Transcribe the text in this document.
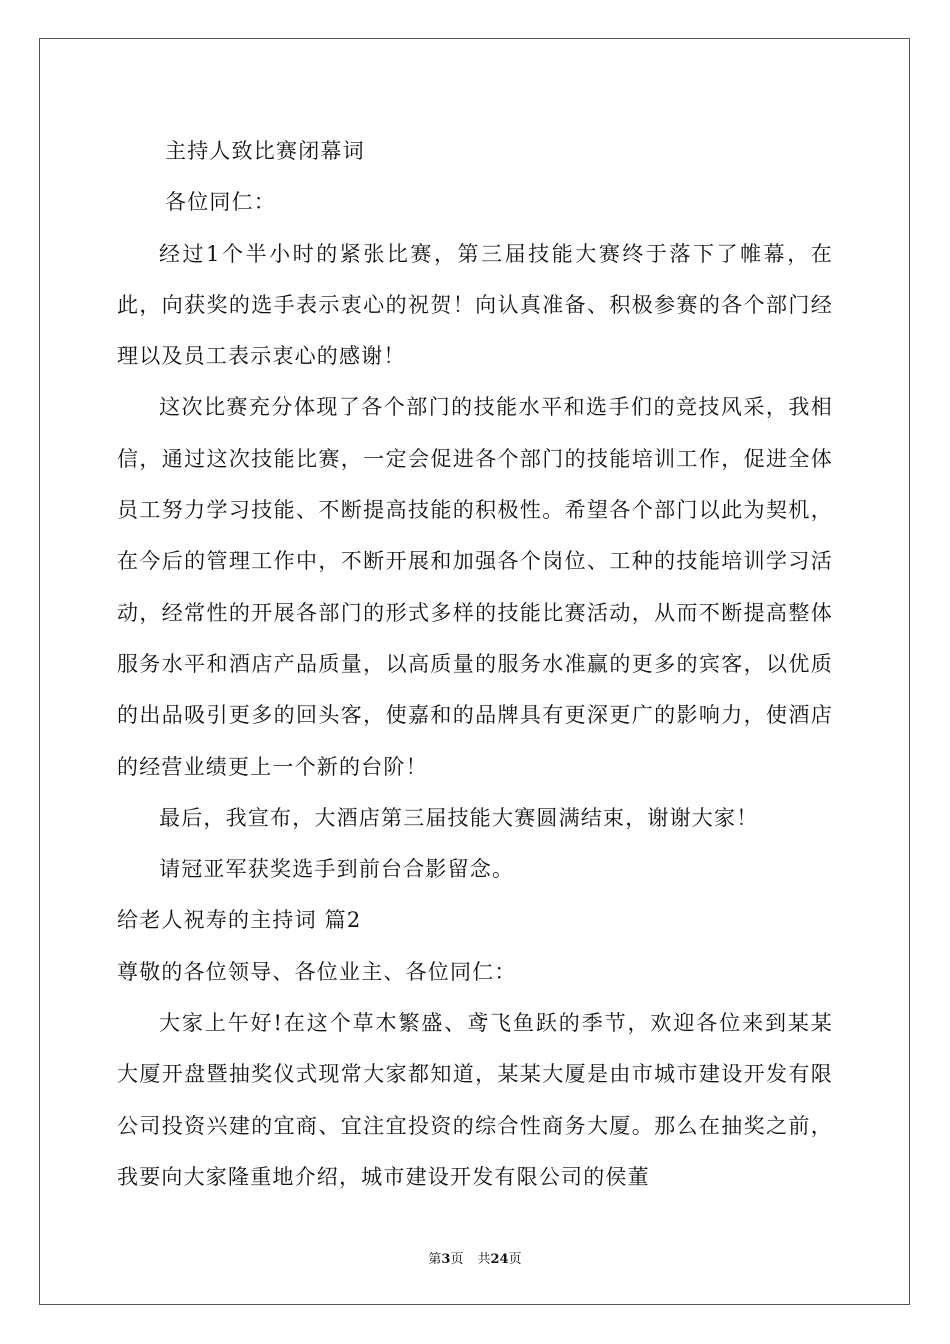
主持人致比赛闭幕词
各位同仁：

经过1个半小时的紧张比赛，第三届技能大赛终于落下了帷幕，在此，向获奖的选手表示衷心的祝贺！向认真准备、积极参赛的各个部门经理以及员工表示衷心的感谢！

这次比赛充分体现了各个部门的技能水平和选手们的竞技风采，我相信，通过这次技能比赛，一定会促进各个部门的技能培训工作，促进全体员工努力学习技能、不断提高技能的积极性。希望各个部门以此为契机，在今后的管理工作中，不断开展和加强各个岗位、工种的技能培训学习活动，经常性的开展各部门的形式多样的技能比赛活动，从而不断提高整体服务水平和酒店产品质量，以高质量的服务水准赢的更多的宾客，以优质的出品吸引更多的回头客，使嘉和的品牌具有更深更广的影响力，使酒店的经营业绩更上一个新的台阶！

最后，我宣布，大酒店第三届技能大赛圆满结束，谢谢大家！

请冠亚军获奖选手到前台合影留念。

给老人祝寿的主持词 篇2
尊敬的各位领导、各位业主、各位同仁：

大家上午好!在这个草木繁盛、鸢飞鱼跃的季节，欢迎各位来到某某大厦开盘暨抽奖仪式现常大家都知道，某某大厦是由市城市建设开发有限公司投资兴建的宜商、宜注宜投资的综合性商务大厦。那么在抽奖之前，我要向大家隆重地介绍，城市建设开发有限公司的侯董

第3页 共24页
